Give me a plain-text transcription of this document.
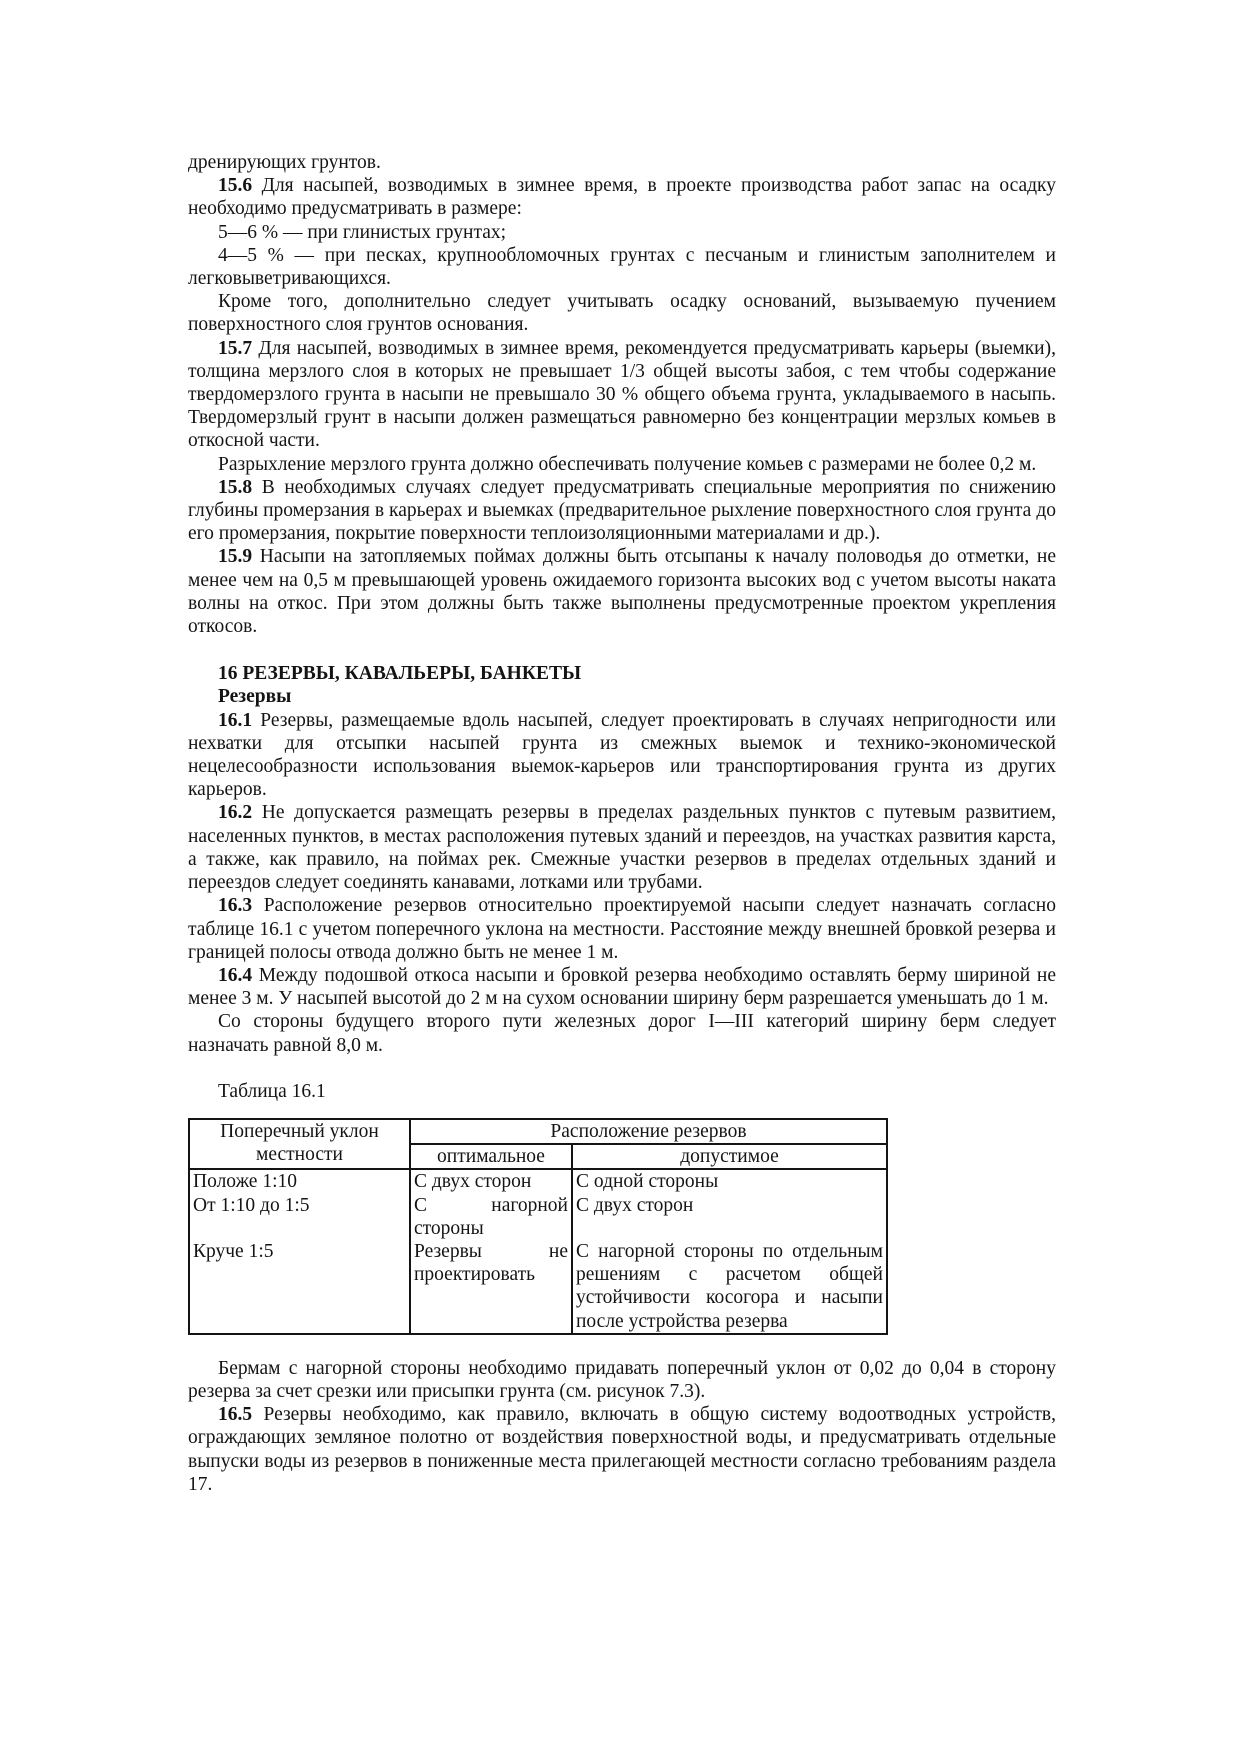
дренирующих грунтов.

15.6 Для насыпей, возводимых в зимнее время, в проекте производства работ запас на осадку необходимо предусматривать в размере:

5—6 % — при глинистых грунтах;

4—5 % — при песках, крупнообломочных грунтах с песчаным и глинистым заполнителем и легковыветривающихся.

Кроме того, дополнительно следует учитывать осадку оснований, вызываемую пучением поверхностного слоя грунтов основания.

15.7 Для насыпей, возводимых в зимнее время, рекомендуется предусматривать карьеры (выемки), толщина мерзлого слоя в которых не превышает 1/3 общей высоты забоя, с тем чтобы содержание твердомерзлого грунта в насыпи не превышало 30 % общего объема грунта, укладываемого в насыпь. Твердомерзлый грунт в насыпи должен размещаться равномерно без концентрации мерзлых комьев в откосной части.

Разрыхление мерзлого грунта должно обеспечивать получение комьев с размерами не более 0,2 м.

15.8 В необходимых случаях следует предусматривать специальные мероприятия по снижению глубины промерзания в карьерах и выемках (предварительное рыхление поверхностного слоя грунта до его промерзания, покрытие поверхности теплоизоляционными материалами и др.).

15.9 Насыпи на затопляемых поймах должны быть отсыпаны к началу половодья до отметки, не менее чем на 0,5 м превышающей уровень ожидаемого горизонта высоких вод с учетом высоты наката волны на откос. При этом должны быть также выполнены предусмотренные проектом укрепления откосов.

16 РЕЗЕРВЫ, КАВАЛЬЕРЫ, БАНКЕТЫ
Резервы

16.1 Резервы, размещаемые вдоль насыпей, следует проектировать в случаях непригодности или нехватки для отсыпки насыпей грунта из смежных выемок и технико-экономической нецелесообразности использования выемок-карьеров или транспортирования грунта из других карьеров.

16.2 Не допускается размещать резервы в пределах раздельных пунктов с путевым развитием, населенных пунктов, в местах расположения путевых зданий и переездов, на участках развития карста, а также, как правило, на поймах рек. Смежные участки резервов в пределах отдельных зданий и переездов следует соединять канавами, лотками или трубами.

16.3 Расположение резервов относительно проектируемой насыпи следует назначать согласно таблице 16.1 с учетом поперечного уклона на местности. Расстояние между внешней бровкой резерва и границей полосы отвода должно быть не менее 1 м.

16.4 Между подошвой откоса насыпи и бровкой резерва необходимо оставлять берму шириной не менее 3 м. У насыпей высотой до 2 м на сухом основании ширину берм разрешается уменьшать до 1 м.

Со стороны будущего второго пути железных дорог I—III категорий ширину берм следует назначать равной 8,0 м.

Таблица 16.1

Поперечный уклон местности	Расположение резервов	
	оптимальное	допустимое
Положе 1:10	С двух сторон	С одной стороны
От 1:10 до 1:5	С нагорной стороны	С двух сторон
Круче 1:5	Резервы не проектировать	С нагорной стороны по отдельным решениям с расчетом общей устойчивости косогора и насыпи после устройства резерва

Бермам с нагорной стороны необходимо придавать поперечный уклон от 0,02 до 0,04 в сторону резерва за счет срезки или присыпки грунта (см. рисунок 7.3).

16.5 Резервы необходимо, как правило, включать в общую систему водоотводных устройств, ограждающих земляное полотно от воздействия поверхностной воды, и предусматривать отдельные выпуски воды из резервов в пониженные места прилегающей местности согласно требованиям раздела 17.
